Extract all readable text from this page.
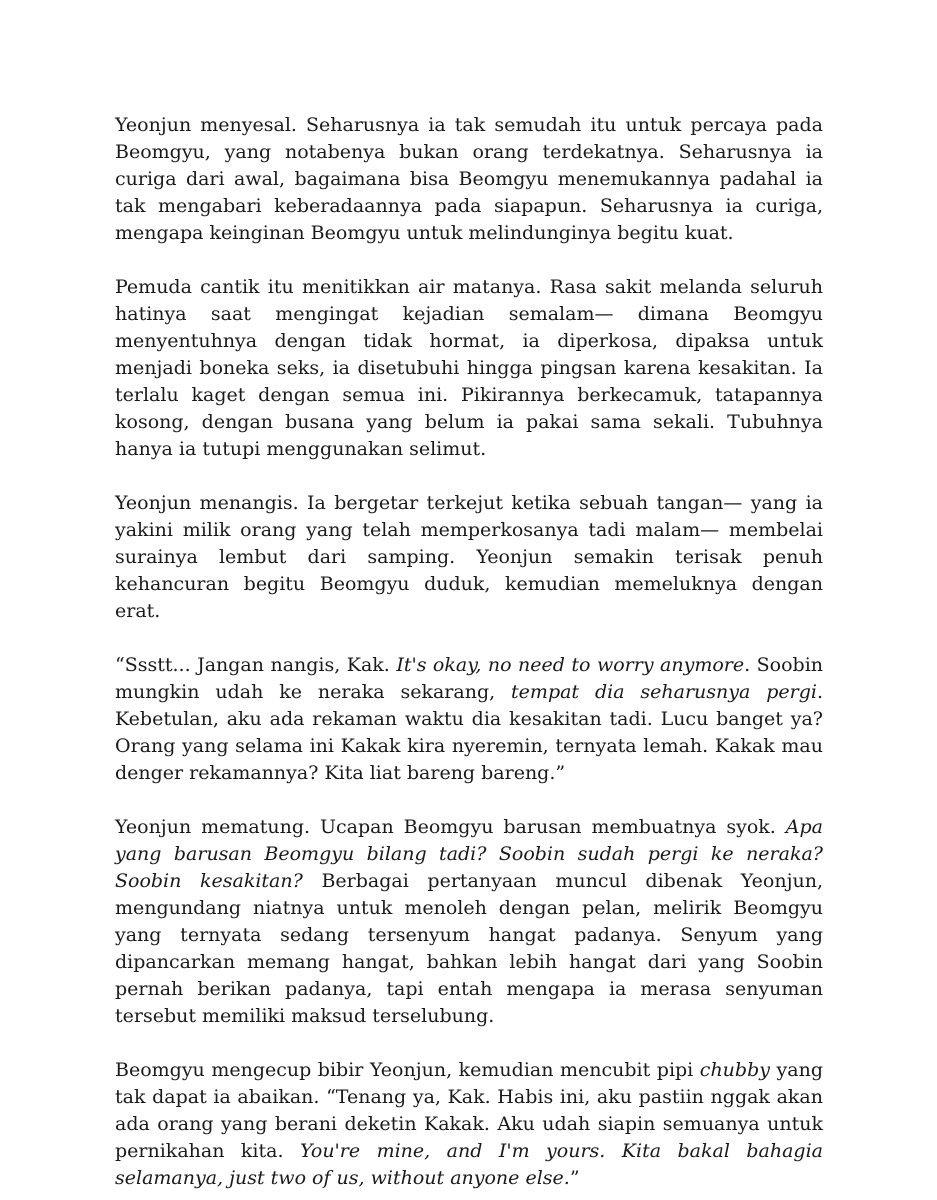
Yeonjun menyesal. Seharusnya ia tak semudah itu untuk percaya pada Beomgyu, yang notabenya bukan orang terdekatnya. Seharusnya ia curiga dari awal, bagaimana bisa Beomgyu menemukannya padahal ia tak mengabari keberadaannya pada siapapun. Seharusnya ia curiga, mengapa keinginan Beomgyu untuk melindunginya begitu kuat.

Pemuda cantik itu menitikkan air matanya. Rasa sakit melanda seluruh hatinya saat mengingat kejadian semalam— dimana Beomgyu menyentuhnya dengan tidak hormat, ia diperkosa, dipaksa untuk menjadi boneka seks, ia disetubuhi hingga pingsan karena kesakitan. Ia terlalu kaget dengan semua ini. Pikirannya berkecamuk, tatapannya kosong, dengan busana yang belum ia pakai sama sekali. Tubuhnya hanya ia tutupi menggunakan selimut.

Yeonjun menangis. Ia bergetar terkejut ketika sebuah tangan— yang ia yakini milik orang yang telah memperkosanya tadi malam— membelai surainya lembut dari samping. Yeonjun semakin terisak penuh kehancuran begitu Beomgyu duduk, kemudian memeluknya dengan erat.

“Ssstt... Jangan nangis, Kak. It's okay, no need to worry anymore. Soobin mungkin udah ke neraka sekarang, tempat dia seharusnya pergi. Kebetulan, aku ada rekaman waktu dia kesakitan tadi. Lucu banget ya? Orang yang selama ini Kakak kira nyeremin, ternyata lemah. Kakak mau denger rekamannya? Kita liat bareng bareng.”

Yeonjun mematung. Ucapan Beomgyu barusan membuatnya syok. Apa yang barusan Beomgyu bilang tadi? Soobin sudah pergi ke neraka? Soobin kesakitan? Berbagai pertanyaan muncul dibenak Yeonjun, mengundang niatnya untuk menoleh dengan pelan, melirik Beomgyu yang ternyata sedang tersenyum hangat padanya. Senyum yang dipancarkan memang hangat, bahkan lebih hangat dari yang Soobin pernah berikan padanya, tapi entah mengapa ia merasa senyuman tersebut memiliki maksud terselubung.

Beomgyu mengecup bibir Yeonjun, kemudian mencubit pipi chubby yang tak dapat ia abaikan. “Tenang ya, Kak. Habis ini, aku pastiin nggak akan ada orang yang berani deketin Kakak. Aku udah siapin semuanya untuk pernikahan kita. You're mine, and I'm yours. Kita bakal bahagia selamanya, just two of us, without anyone else.”
